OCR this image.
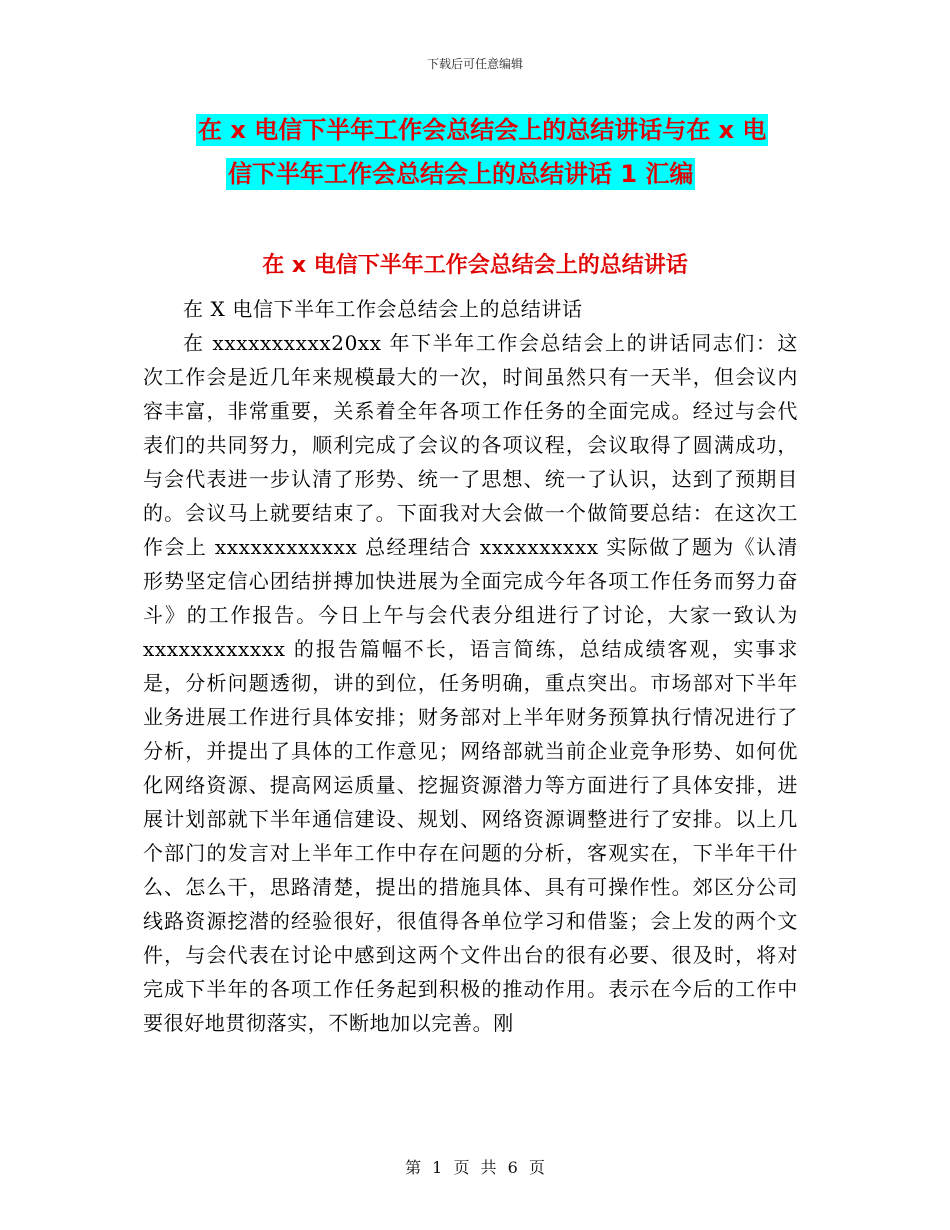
下载后可任意编辑
在 x 电信下半年工作会总结会上的总结讲话与在 x 电

信下半年工作会总结会上的总结讲话 1 汇编
在 x 电信下半年工作会总结会上的总结讲话

在 X 电信下半年工作会总结会上的总结讲话

在 xxxxxxxxxx20xx 年下半年工作会总结会上的讲话同志们：这次工作会是近几年来规模最大的一次，时间虽然只有一天半，但会议内容丰富，非常重要，关系着全年各项工作任务的全面完成。经过与会代表们的共同努力，顺利完成了会议的各项议程，会议取得了圆满成功，与会代表进一步认清了形势、统一了思想、统一了认识，达到了预期目的。会议马上就要结束了。下面我对大会做一个做简要总结：在这次工作会上 xxxxxxxxxxxx 总经理结合 xxxxxxxxxx 实际做了题为《认清形势坚定信心团结拼搏加快进展为全面完成今年各项工作任务而努力奋斗》的工作报告。今日上午与会代表分组进行了讨论，大家一致认为 xxxxxxxxxxxx 的报告篇幅不长，语言简练，总结成绩客观，实事求是，分析问题透彻，讲的到位，任务明确，重点突出。市场部对下半年业务进展工作进行具体安排；财务部对上半年财务预算执行情况进行了分析，并提出了具体的工作意见；网络部就当前企业竞争形势、如何优化网络资源、提高网运质量、挖掘资源潜力等方面进行了具体安排，进展计划部就下半年通信建设、规划、网络资源调整进行了安排。以上几个部门的发言对上半年工作中存在问题的分析，客观实在，下半年干什么、怎么干，思路清楚，提出的措施具体、具有可操作性。郊区分公司线路资源挖潜的经验很好，很值得各单位学习和借鉴；会上发的两个文件，与会代表在讨论中感到这两个文件出台的很有必要、很及时，将对完成下半年的各项工作任务起到积极的推动作用。表示在今后的工作中要很好地贯彻落实，不断地加以完善。刚

第 1 页 共 6 页
